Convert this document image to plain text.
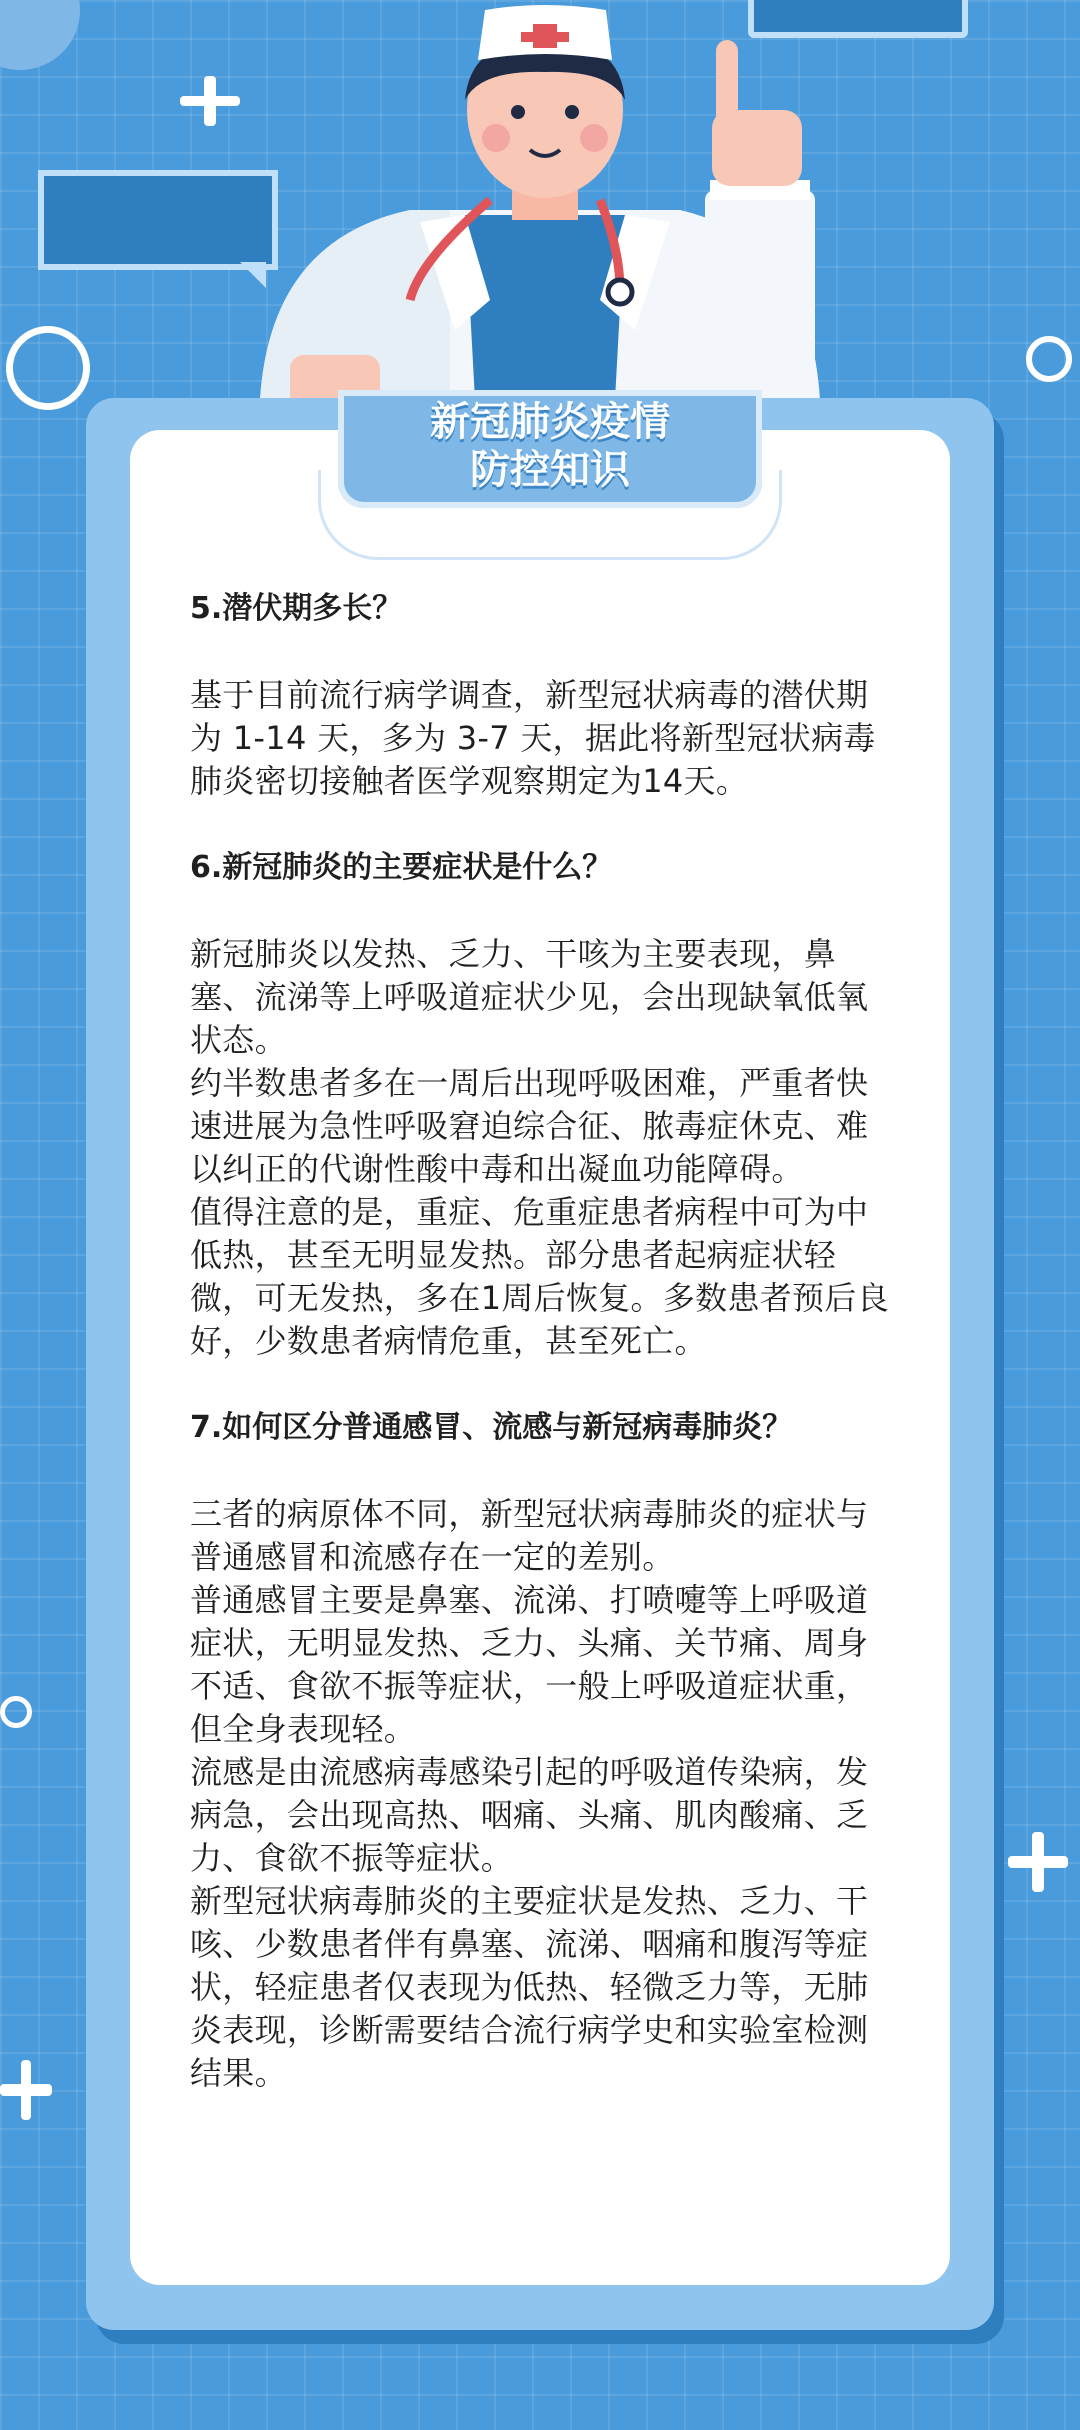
新冠肺炎疫情
防控知识

5.潜伏期多长？

基于目前流行病学调查，新型冠状病毒的潜伏期为 1-14 天，多为 3-7 天，据此将新型冠状病毒肺炎密切接触者医学观察期定为14天。

6.新冠肺炎的主要症状是什么？

新冠肺炎以发热、乏力、干咳为主要表现，鼻塞、流涕等上呼吸道症状少见，会出现缺氧低氧状态。

约半数患者多在一周后出现呼吸困难，严重者快速进展为急性呼吸窘迫综合征、脓毒症休克、难以纠正的代谢性酸中毒和出凝血功能障碍。

值得注意的是，重症、危重症患者病程中可为中低热，甚至无明显发热。部分患者起病症状轻微，可无发热，多在1周后恢复。多数患者预后良好，少数患者病情危重，甚至死亡。

7.如何区分普通感冒、流感与新冠病毒肺炎？

三者的病原体不同，新型冠状病毒肺炎的症状与普通感冒和流感存在一定的差别。

普通感冒主要是鼻塞、流涕、打喷嚏等上呼吸道症状，无明显发热、乏力、头痛、关节痛、周身不适、食欲不振等症状，一般上呼吸道症状重，但全身表现轻。

流感是由流感病毒感染引起的呼吸道传染病，发病急，会出现高热、咽痛、头痛、肌肉酸痛、乏力、食欲不振等症状。

新型冠状病毒肺炎的主要症状是发热、乏力、干咳、少数患者伴有鼻塞、流涕、咽痛和腹泻等症状，轻症患者仅表现为低热、轻微乏力等，无肺炎表现，诊断需要结合流行病学史和实验室检测结果。
